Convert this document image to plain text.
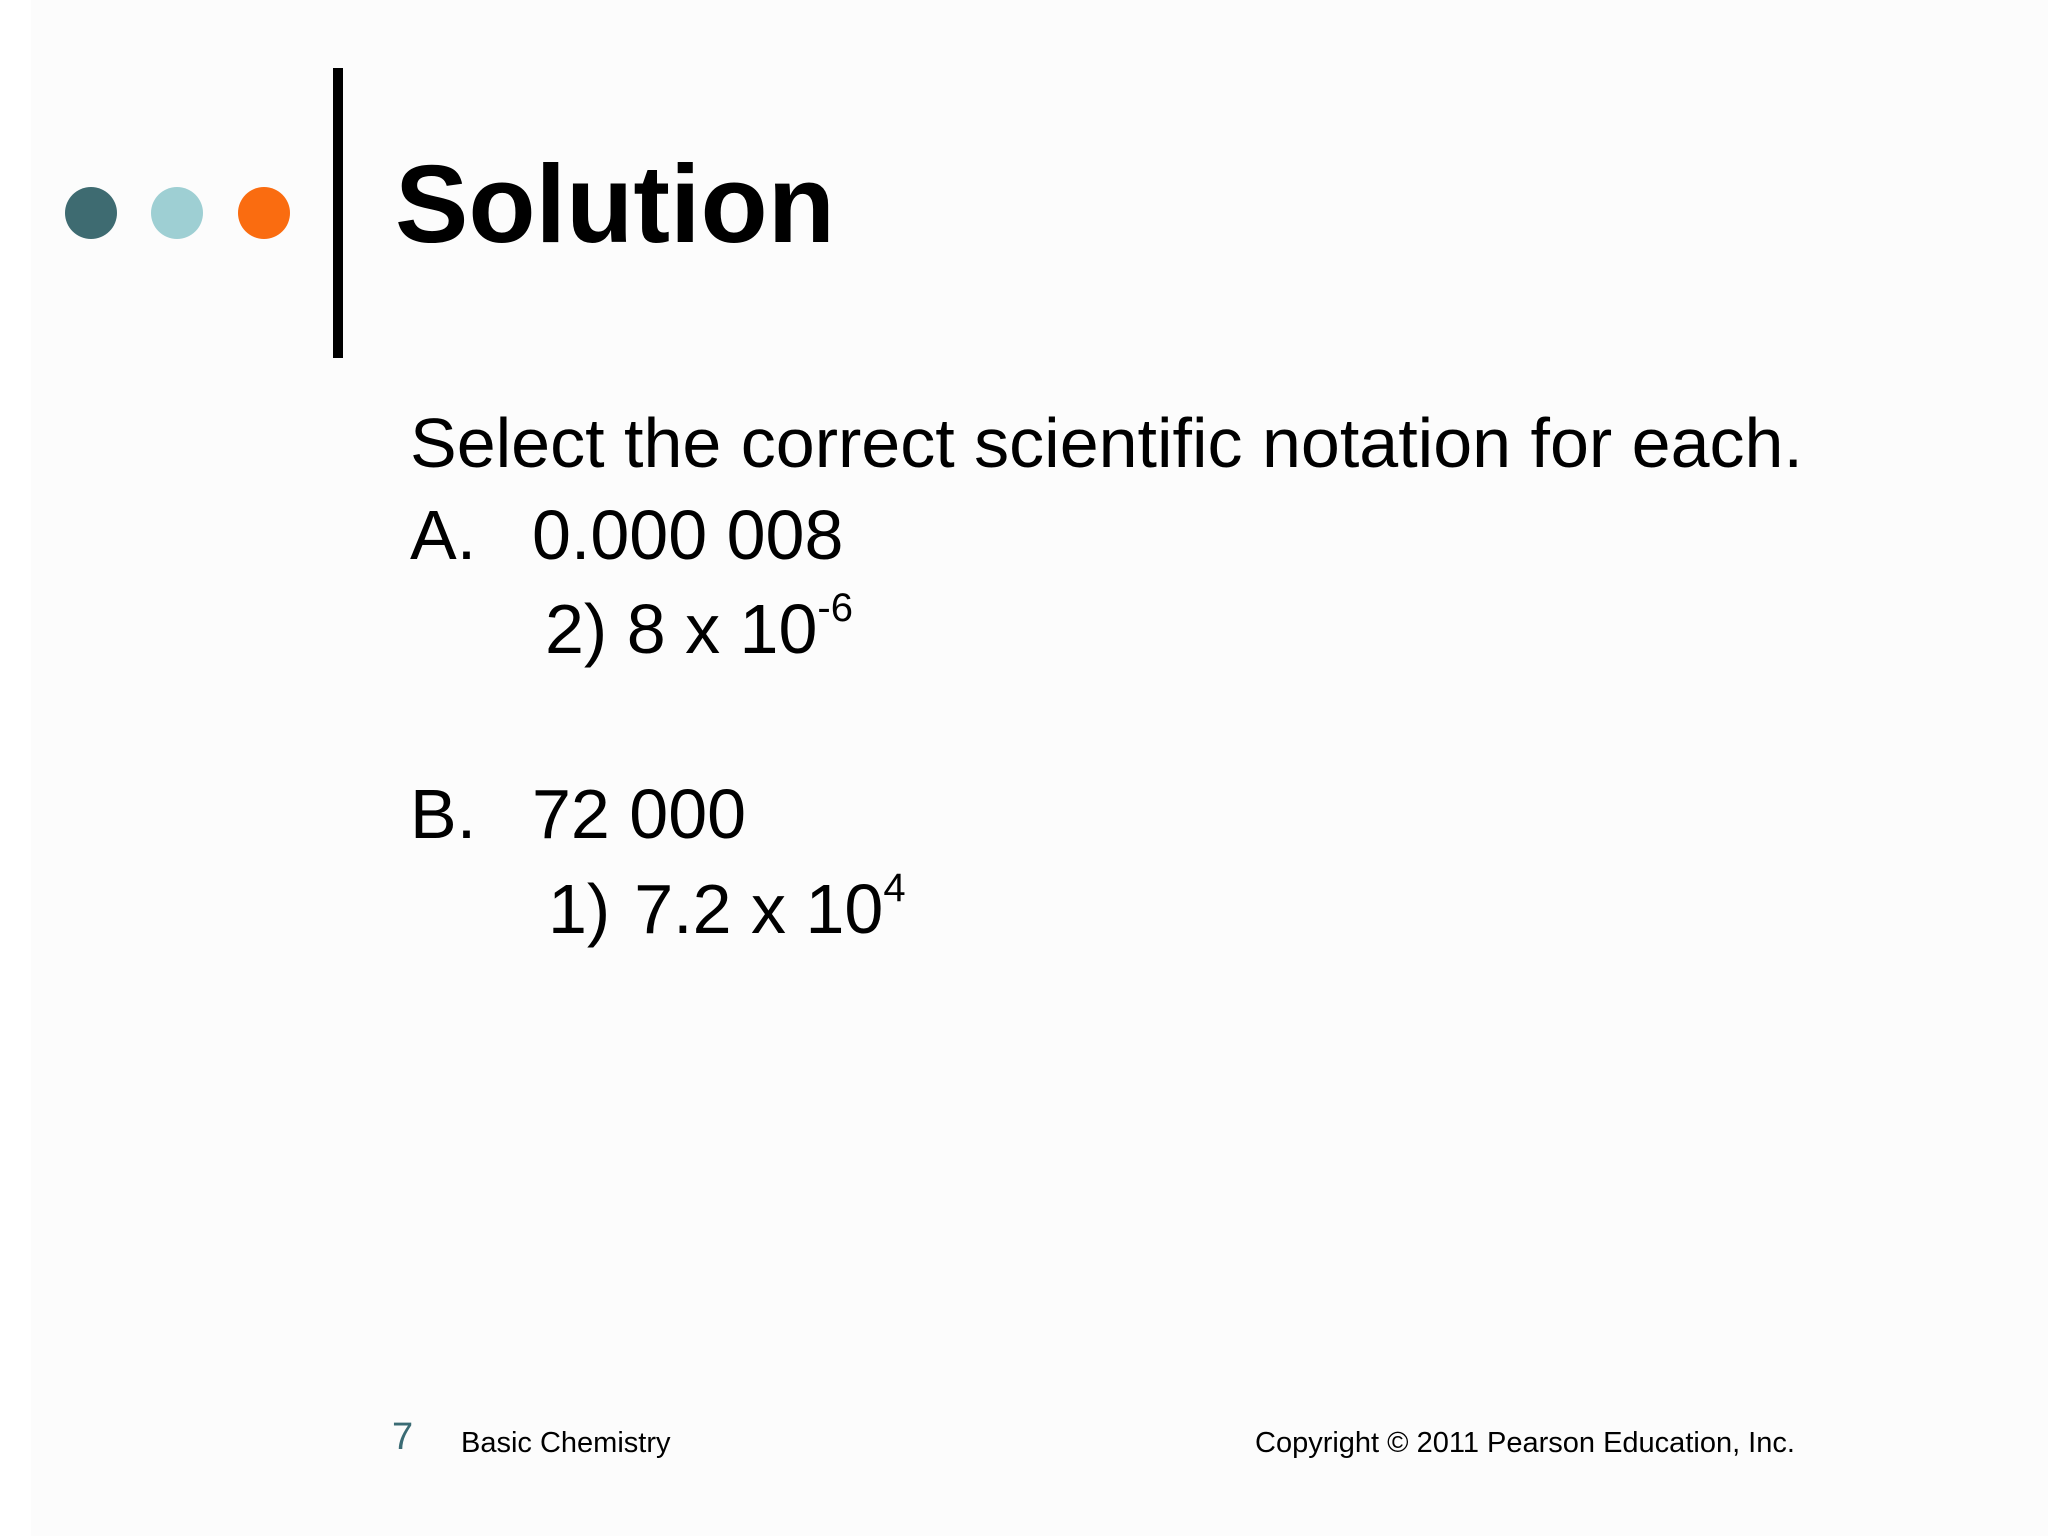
Solution
Select the correct scientific notation for each.
A. 0.000 008
2) 8 x $10^{-6}$
B. 72 000
1) 7.2 x $10^4$
7 Basic Chemistry	Copyright © 2011 Pearson Education, Inc.
